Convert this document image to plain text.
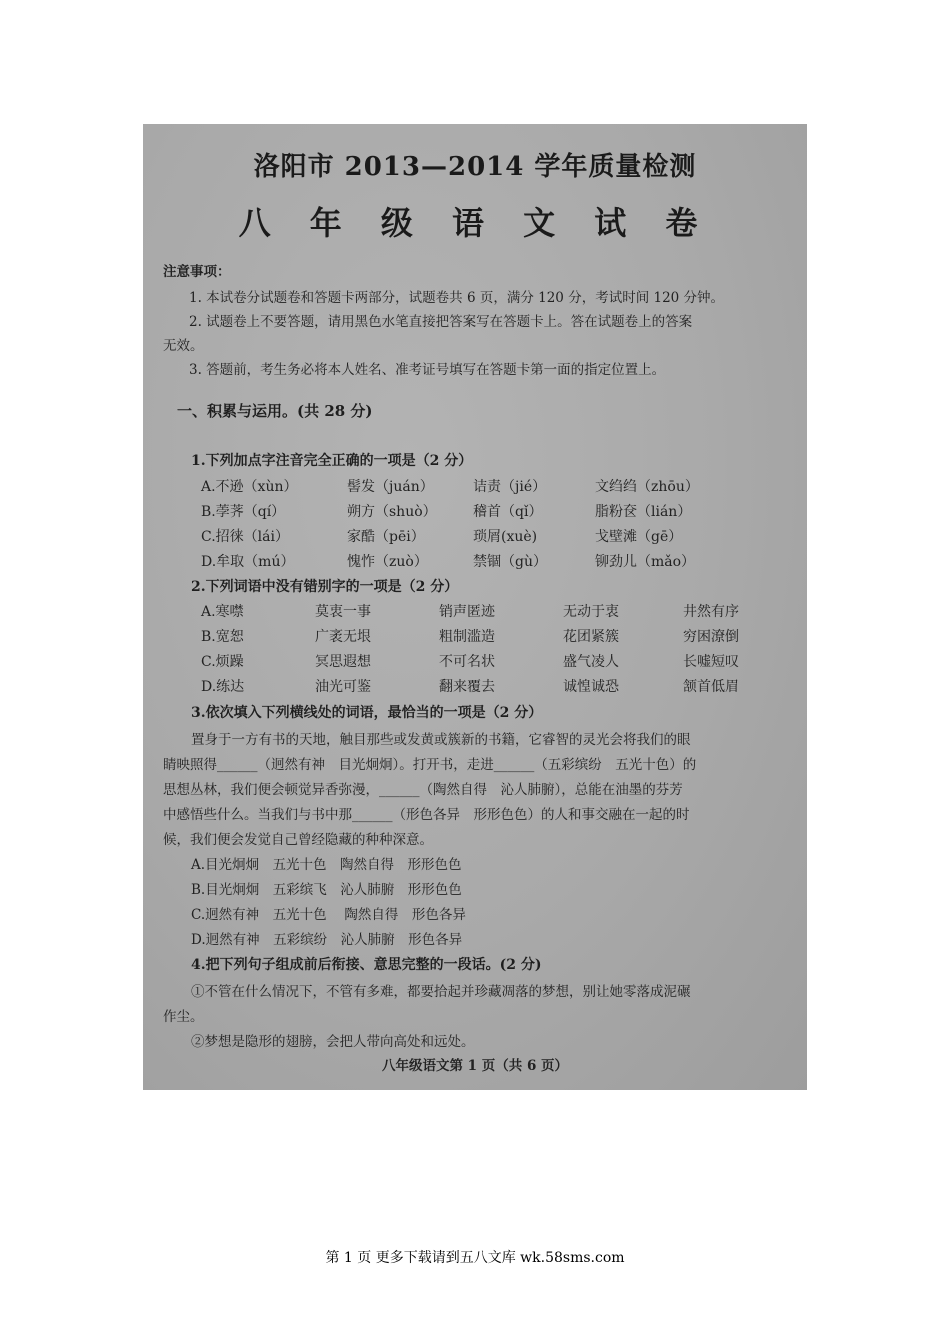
洛阳市 2013—2014 学年质量检测
八 年 级 语 文 试 卷
注意事项：
1. 本试卷分试题卷和答题卡两部分，试题卷共 6 页，满分 120 分，考试时间 120 分钟。
2. 试题卷上不要答题，请用黑色水笔直接把答案写在答题卡上。答在试题卷上的答案
无效。
3. 答题前，考生务必将本人姓名、准考证号填写在答题卡第一面的指定位置上。
一、积累与运用。(共 28 分)
1.下列加点字注音完全正确的一项是（2 分）
A.不逊（xùn）	髻发（juán）	诘责（jié）	文绉绉（zhōu）
B.荸荠（qí）	朔方（shuò）	稽首（qǐ）	脂粉奁（lián）
C.招徕（lái）	家酷（pēi）	琐屑(xuè)	戈壁滩（gē）
D.牟取（mú）	愧怍（zuò）	禁锢（gù）	铆劲儿（mǎo）
2.下列词语中没有错别字的一项是（2 分）
A.寒噤	莫衷一事	销声匿迹	无动于衷	井然有序
B.宽恕	广袤无垠	粗制滥造	花团紧簇	穷困潦倒
C.烦躁	冥思遐想	不可名状	盛气凌人	长嘘短叹
D.练达	油光可鉴	翻来覆去	诚惶诚恐	颔首低眉
3.依次填入下列横线处的词语，最恰当的一项是（2 分）
置身于一方有书的天地，触目那些或发黄或簇新的书籍，它睿智的灵光会将我们的眼
睛映照得______（迥然有神　目光炯炯）。打开书，走进______（五彩缤纷　五光十色）的
思想丛林，我们便会顿觉异香弥漫，______（陶然自得　沁人肺腑），总能在油墨的芬芳
中感悟些什么。当我们与书中那______（形色各异　形形色色）的人和事交融在一起的时
候，我们便会发觉自己曾经隐藏的种种深意。
A.目光炯炯　五光十色　陶然自得　形形色色
B.目光炯炯　五彩缤飞　沁人肺腑　形形色色
C.迥然有神　五光十色　 陶然自得　形色各异
D.迥然有神　五彩缤纷　沁人肺腑　形色各异
4.把下列句子组成前后衔接、意思完整的一段话。(2 分)
①不管在什么情况下，不管有多难，都要拾起并珍藏凋落的梦想，别让她零落成泥碾
作尘。
②梦想是隐形的翅膀，会把人带向高处和远处。
八年级语文第 1 页（共 6 页）
第 1 页 更多下载请到五八文库 wk.58sms.com
